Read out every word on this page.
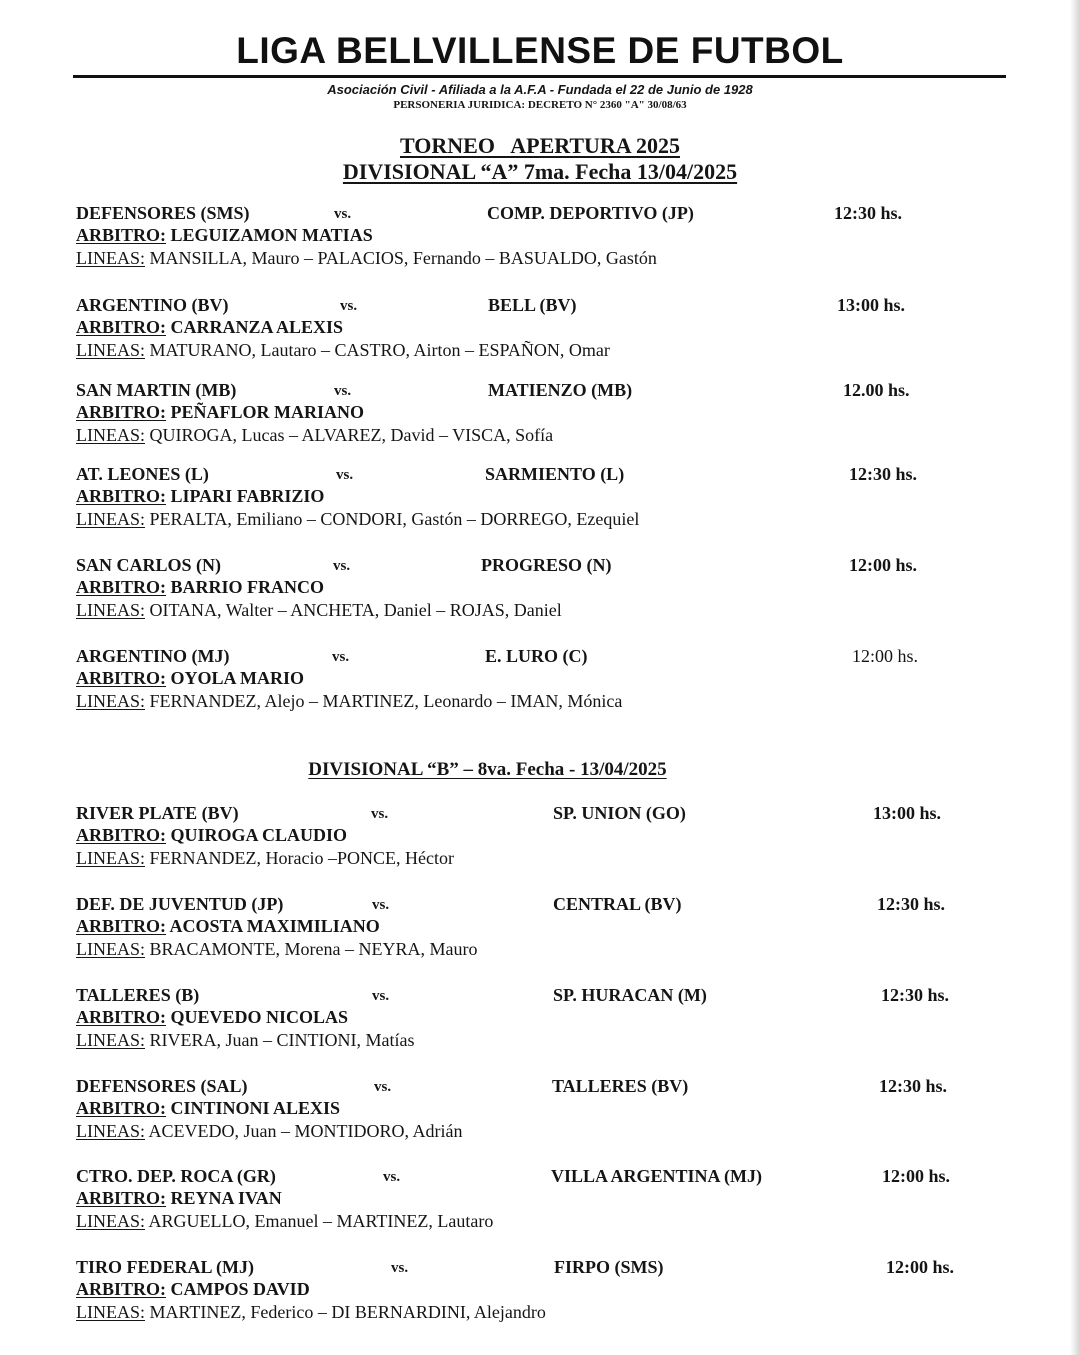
LIGA BELLVILLENSE DE FUTBOL
Asociación Civil - Afiliada a la A.F.A - Fundada el 22 de Junio de 1928
PERSONERIA JURIDICA: DECRETO N° 2360 "A" 30/08/63
TORNEO   APERTURA 2025
DIVISIONAL “A” 7ma. Fecha 13/04/2025
DIVISIONAL “B” – 8va. Fecha - 13/04/2025
DEFENSORES (SMS)	vs.	COMP. DEPORTIVO (JP)	12:30 hs.
ARBITRO: LEGUIZAMON MATIAS
LINEAS: MANSILLA, Mauro – PALACIOS, Fernando – BASUALDO, Gastón
ARGENTINO (BV)	vs.	BELL (BV)	13:00 hs.
ARBITRO: CARRANZA ALEXIS
LINEAS: MATURANO, Lautaro – CASTRO, Airton – ESPAÑON, Omar
SAN MARTIN (MB)	vs.	MATIENZO (MB)	12.00 hs.
ARBITRO: PEÑAFLOR MARIANO
LINEAS: QUIROGA, Lucas – ALVAREZ, David – VISCA, Sofía
AT. LEONES (L)	vs.	SARMIENTO (L)	12:30 hs.
ARBITRO: LIPARI FABRIZIO
LINEAS: PERALTA, Emiliano – CONDORI, Gastón – DORREGO, Ezequiel
SAN CARLOS (N)	vs.	PROGRESO (N)	12:00 hs.
ARBITRO: BARRIO FRANCO
LINEAS: OITANA, Walter – ANCHETA, Daniel – ROJAS, Daniel
ARGENTINO (MJ)	vs.	E. LURO (C)	12:00 hs.
ARBITRO: OYOLA MARIO
LINEAS: FERNANDEZ, Alejo – MARTINEZ, Leonardo – IMAN, Mónica
RIVER PLATE (BV)	vs.	SP. UNION (GO)	13:00 hs.
ARBITRO: QUIROGA CLAUDIO
LINEAS: FERNANDEZ, Horacio –PONCE, Héctor
DEF. DE JUVENTUD (JP)	vs.	CENTRAL (BV)	12:30 hs.
ARBITRO: ACOSTA MAXIMILIANO
LINEAS: BRACAMONTE, Morena – NEYRA, Mauro
TALLERES (B)	vs.	SP. HURACAN (M)	12:30 hs.
ARBITRO: QUEVEDO NICOLAS
LINEAS: RIVERA, Juan – CINTIONI, Matías
DEFENSORES (SAL)	vs.	TALLERES (BV)	12:30 hs.
ARBITRO: CINTINONI ALEXIS
LINEAS: ACEVEDO, Juan – MONTIDORO, Adrián
CTRO. DEP. ROCA (GR)	vs.	VILLA ARGENTINA (MJ)	12:00 hs.
ARBITRO: REYNA IVAN
LINEAS: ARGUELLO, Emanuel – MARTINEZ, Lautaro
TIRO FEDERAL (MJ)	vs.	FIRPO (SMS)	12:00 hs.
ARBITRO: CAMPOS DAVID
LINEAS: MARTINEZ, Federico – DI BERNARDINI, Alejandro
